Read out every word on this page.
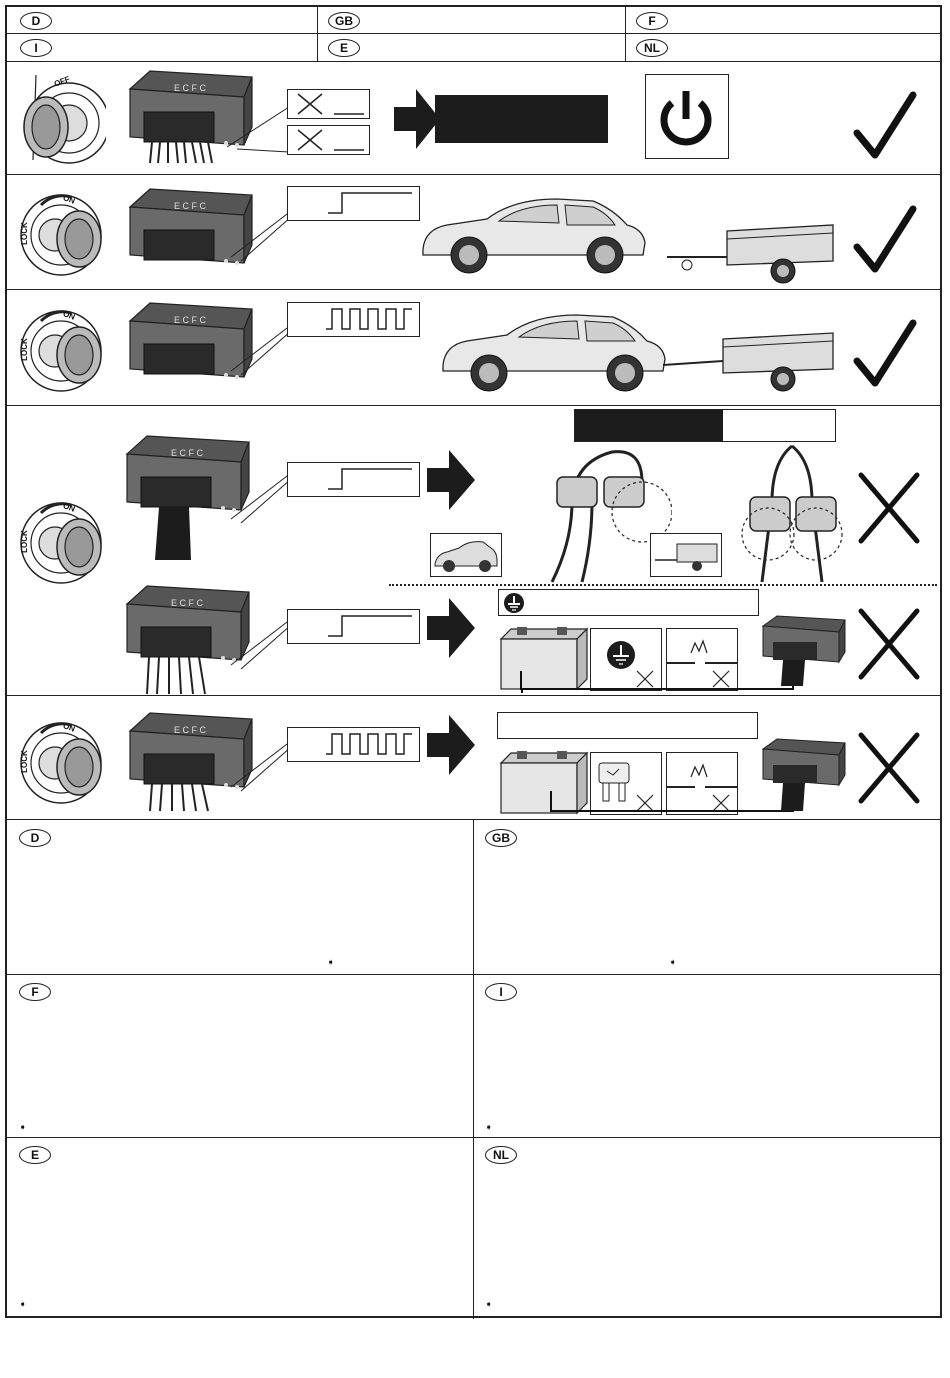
D	GB	F
I	E	NL
OFF	E C F C
ON
LOCK
E C F C
ON
LOCK
E C F C
ON
LOCK
E C F C
E C F C
ON
LOCK
E C F C
D	GB
F	I
E	NL
➧	➧
➧	➧
➧	➧
